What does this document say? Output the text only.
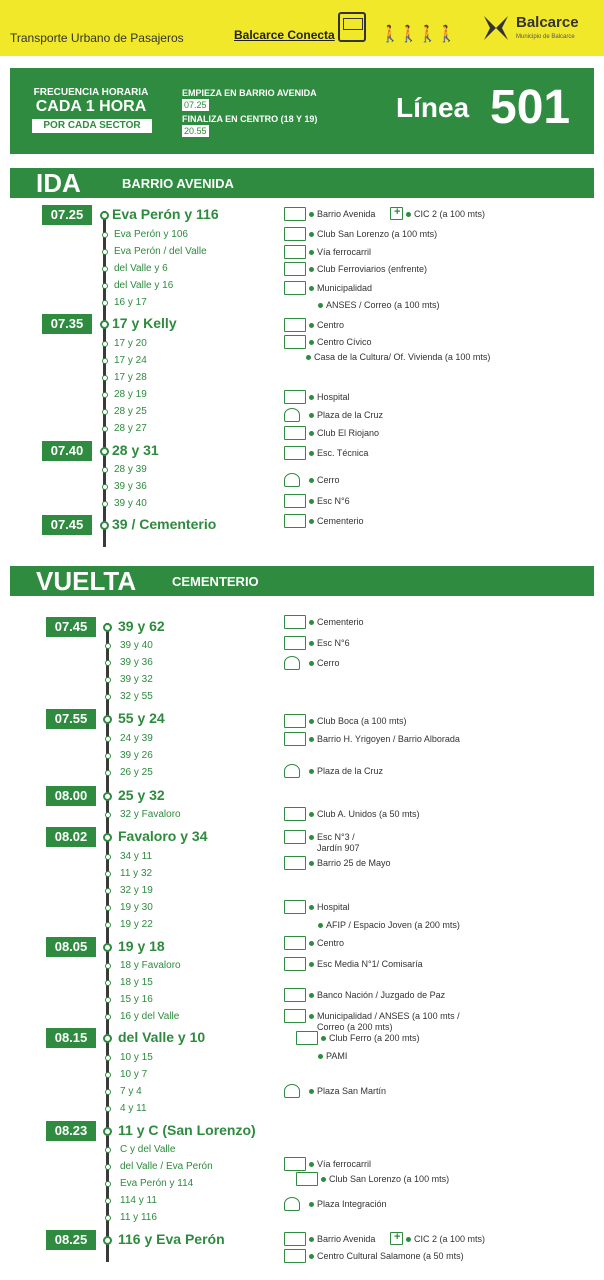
Transporte Urbano de Pasajeros	Balcarce Conecta	🚶🚶🚶🚶
Balcarce
Municipio de Balcarce
FRECUENCIA HORARIA
CADA 1 HORA
POR CADA SECTOR
EMPIEZA EN BARRIO AVENIDA
07.25
FINALIZA EN CENTRO (18 Y 19)
20.55
Línea 501
IDA	BARRIO AVENIDA
07.25	Eva Perón y 116
Eva Perón y 106
Eva Perón / del Valle
del Valle y 6
del Valle y 16
16 y 17
07.35	17 y Kelly
17 y 20
17 y 24
17 y 28
28 y 19
28 y 25
28 y 27
07.40	28 y 31
28 y 39
39 y 36
39 y 40
07.45	39 / Cementerio
VUELTA	CEMENTERIO
07.45	39 y 62
39 y 40
39 y 36
39 y 32
32 y 55
07.55	55 y 24
24 y 39
39 y 26
26 y 25
08.00	25 y 32
32 y Favaloro
08.02	Favaloro y 34
34 y 11
11 y 32
32 y 19
19 y 30
19 y 22
08.05	19 y 18
18 y Favaloro
18 y 15
15 y 16
16 y del Valle
08.15	del Valle y 10
10 y 15
10 y 7
7 y 4
4 y 11
08.23	11 y C (San Lorenzo)
C y del Valle
del Valle / Eva Perón
Eva Perón y 114
114 y 11
11 y 116
08.25	116 y Eva Perón

Barrio Avenida + CIC 2 (a 100 mts)
Club San Lorenzo (a 100 mts)
Vía ferrocarril
Club Ferroviarios (enfrente)
Municipalidad
ANSES / Correo (a 100 mts)
Centro
Centro Cívico
Casa de la Cultura/ Of. Vivienda (a 100 mts)
Hospital
Plaza de la Cruz
Club El Riojano
Esc. Técnica
Cerro
Esc N°6
Cementerio
Cementerio
Esc N°6
Cerro
Club Boca (a 100 mts)
Barrio H. Yrigoyen / Barrio Alborada
Plaza de la Cruz
Club A. Unidos (a 50 mts)
Esc N°3 /
Jardín 907
Barrio 25 de Mayo
Hospital
AFIP / Espacio Joven (a 200 mts)
Centro
Esc Media N°1/ Comisaría
Banco Nación / Juzgado de Paz
Municipalidad / ANSES (a 100 mts /
Correo (a 200 mts)
Club Ferro (a 200 mts)
PAMI
Plaza San Martín
Vía ferrocarril
Club San Lorenzo (a 100 mts)
Plaza Integración
Barrio Avenida + CIC 2 (a 100 mts)
Centro Cultural Salamone (a 50 mts)
